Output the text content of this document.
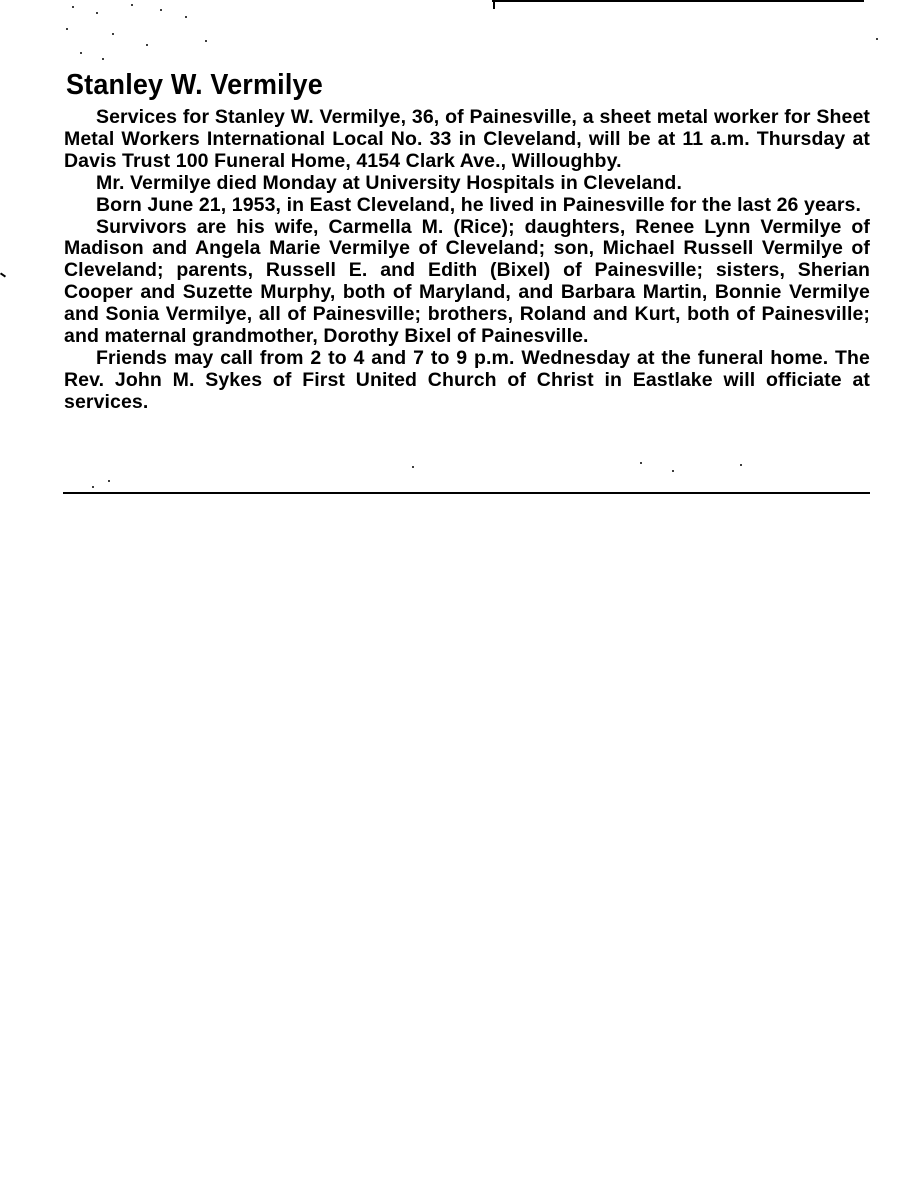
Stanley W. Vermilye

Services for Stanley W. Vermilye, 36, of Painesville, a sheet metal worker for Sheet Metal Workers International Local No. 33 in Cleveland, will be at 11 a.m. Thursday at Davis Trust 100 Funeral Home, 4154 Clark Ave., Willoughby.

Mr. Vermilye died Monday at University Hospitals in Cleveland.

Born June 21, 1953, in East Cleveland, he lived in Painesville for the last 26 years.

Survivors are his wife, Carmella M. (Rice); daughters, Renee Lynn Vermilye of Madison and Angela Marie Vermilye of Cleveland; son, Michael Russell Vermilye of Cleveland; parents, Russell E. and Edith (Bixel) of Painesville; sisters, Sherian Cooper and Suzette Murphy, both of Maryland, and Barbara Martin, Bonnie Vermilye and Sonia Vermilye, all of Painesville; brothers, Roland and Kurt, both of Painesville; and maternal grandmother, Dorothy Bixel of Painesville.

Friends may call from 2 to 4 and 7 to 9 p.m. Wednesday at the funeral home. The Rev. John M. Sykes of First United Church of Christ in Eastlake will officiate at services.
